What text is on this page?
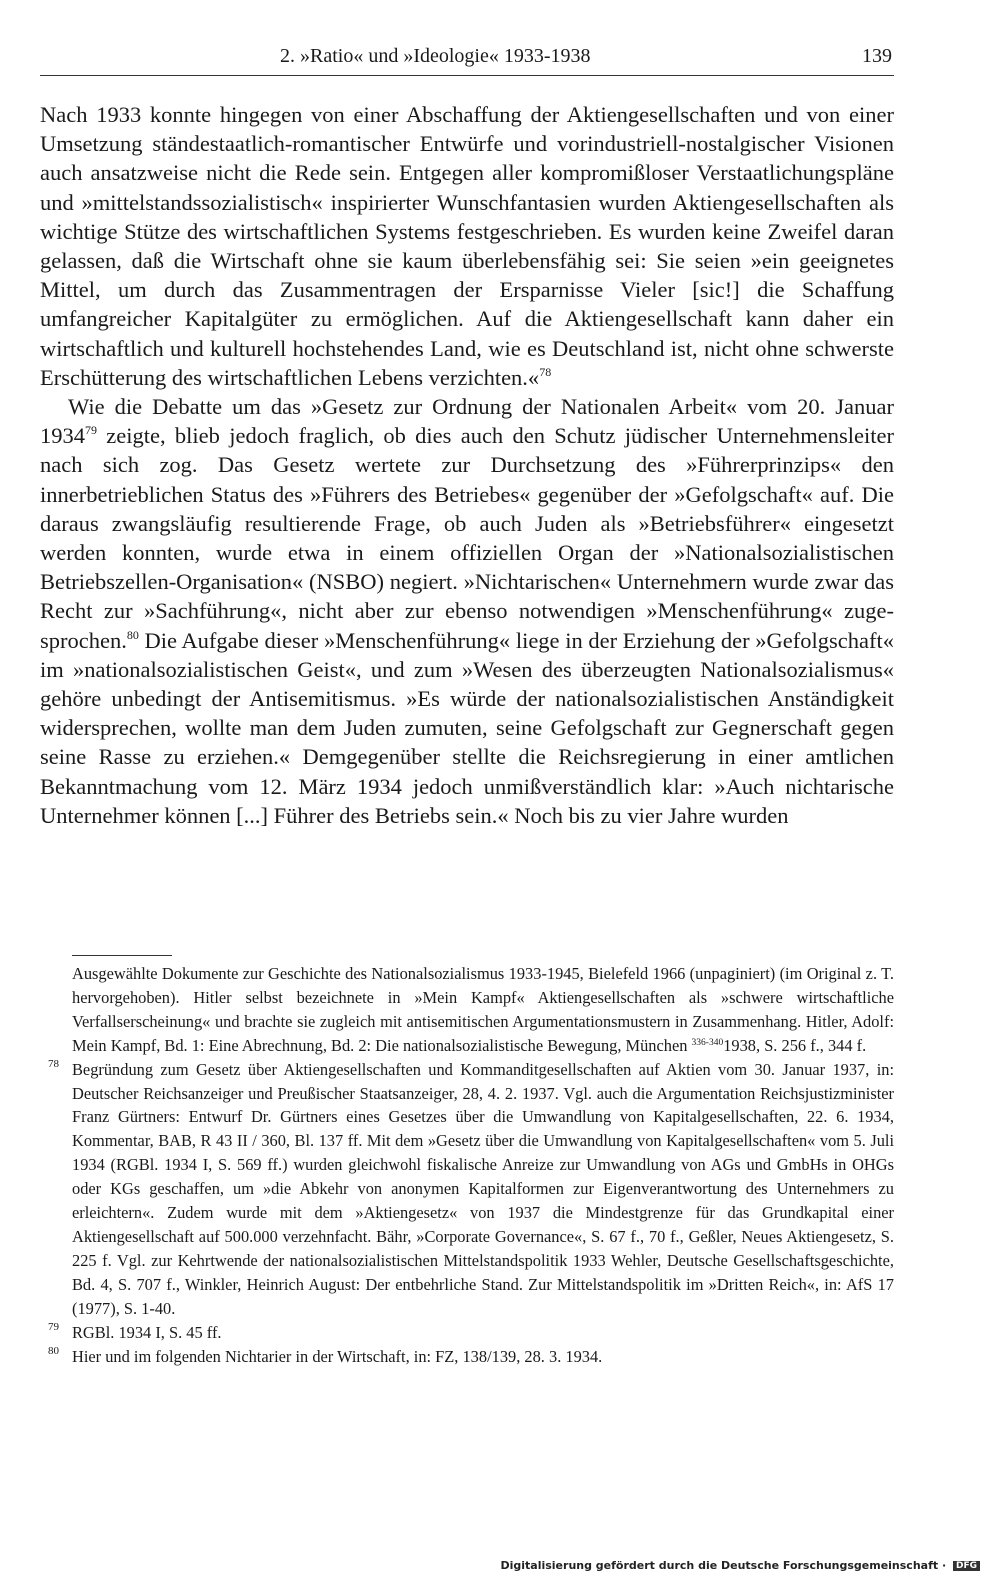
2. »Ratio« und »Ideologie« 1933-1938	139

Nach 1933 konnte hingegen von einer Abschaffung der Aktiengesellschaften und von einer Umsetzung ständestaatlich-romantischer Entwürfe und vorindustriell-nostalgischer Visionen auch ansatzweise nicht die Rede sein. Entgegen aller kompromißloser Verstaatlichungspläne und »mittelstandssozialistisch« inspirierter Wunschfantasien wurden Aktiengesellschaften als wichtige Stütze des wirtschaftlichen Systems festgeschrieben. Es wurden keine Zweifel daran gelassen, daß die Wirtschaft ohne sie kaum überlebensfähig sei: Sie seien »ein geeignetes Mittel, um durch das Zusammentragen der Ersparnisse Vieler [sic!] die Schaffung umfangreicher Kapitalgüter zu ermöglichen. Auf die Aktiengesellschaft kann daher ein wirtschaftlich und kulturell hochstehendes Land, wie es Deutschland ist, nicht ohne schwerste Erschütterung des wirtschaftlichen Lebens verzichten.«$^{78}$

Wie die Debatte um das »Gesetz zur Ordnung der Nationalen Arbeit« vom 20. Januar 1934$^{79}$ zeigte, blieb jedoch fraglich, ob dies auch den Schutz jüdischer Unternehmensleiter nach sich zog. Das Gesetz wertete zur Durchsetzung des »Führerprinzips« den innerbetrieblichen Status des »Führers des Betriebes« gegenüber der »Gefolgschaft« auf. Die daraus zwangsläufig resultierende Frage, ob auch Juden als »Betriebsführer« eingesetzt werden konnten, wurde etwa in einem offiziellen Organ der »Nationalsozialistischen Betriebszellen-Organisation« (NSBO) negiert. »Nichtarischen« Unternehmern wurde zwar das Recht zur »Sachführung«, nicht aber zur ebenso notwendigen »Menschenführung« zugesprochen.$^{80}$ Die Aufgabe dieser »Menschenführung« liege in der Erziehung der »Gefolgschaft« im »nationalsozialistischen Geist«, und zum »Wesen des überzeugten Nationalsozialismus« gehöre unbedingt der Antisemitismus. »Es würde der nationalsozialistischen Anständigkeit widersprechen, wollte man dem Juden zumuten, seine Gefolgschaft zur Gegnerschaft gegen seine Rasse zu erziehen.« Demgegenüber stellte die Reichsregierung in einer amtlichen Bekanntmachung vom 12. März 1934 jedoch unmißverständlich klar: »Auch nichtarische Unternehmer können [...] Führer des Betriebs sein.« Noch bis zu vier Jahre wurden

Ausgewählte Dokumente zur Geschichte des Nationalsozialismus 1933-1945, Bielefeld 1966 (unpaginiert) (im Original z. T. hervorgehoben). Hitler selbst bezeichnete in »Mein Kampf« Aktiengesellschaften als »schwere wirtschaftliche Verfallserscheinung« und brachte sie zugleich mit antisemitischen Argumentationsmustern in Zusammenhang. Hitler, Adolf: Mein Kampf, Bd. 1: Eine Abrechnung, Bd. 2: Die nationalsozialistische Bewegung, München $^{336-340}$1938, S. 256 f., 344 f.
78 Begründung zum Gesetz über Aktiengesellschaften und Kommanditgesellschaften auf Aktien vom 30. Januar 1937, in: Deutscher Reichsanzeiger und Preußischer Staatsanzeiger, 28, 4. 2. 1937. Vgl. auch die Argumentation Reichsjustizminister Franz Gürtners: Entwurf Dr. Gürtners eines Gesetzes über die Umwandlung von Kapitalgesellschaften, 22. 6. 1934, Kommentar, BAB, R 43 II / 360, Bl. 137 ff. Mit dem »Gesetz über die Umwandlung von Kapitalgesellschaften« vom 5. Juli 1934 (RGBl. 1934 I, S. 569 ff.) wurden gleichwohl fiskalische Anreize zur Umwandlung von AGs und GmbHs in OHGs oder KGs geschaffen, um »die Abkehr von anonymen Kapitalformen zur Eigenverantwortung des Unternehmers zu erleichtern«. Zudem wurde mit dem »Aktiengesetz« von 1937 die Mindestgrenze für das Grundkapital einer Aktiengesellschaft auf 500.000 verzehnfacht. Bähr, »Corporate Governance«, S. 67 f., 70 f., Geßler, Neues Aktiengesetz, S. 225 f. Vgl. zur Kehrtwende der nationalsozialistischen Mittelstandspolitik 1933 Wehler, Deutsche Gesellschaftsgeschichte, Bd. 4, S. 707 f., Winkler, Heinrich August: Der entbehrliche Stand. Zur Mittelstandspolitik im »Dritten Reich«, in: AfS 17 (1977), S. 1-40.
79 RGBl. 1934 I, S. 45 ff.
80 Hier und im folgenden Nichtarier in der Wirtschaft, in: FZ, 138/139, 28. 3. 1934.
Digitalisierung gefördert durch die Deutsche Forschungsgemeinschaft · DFG
